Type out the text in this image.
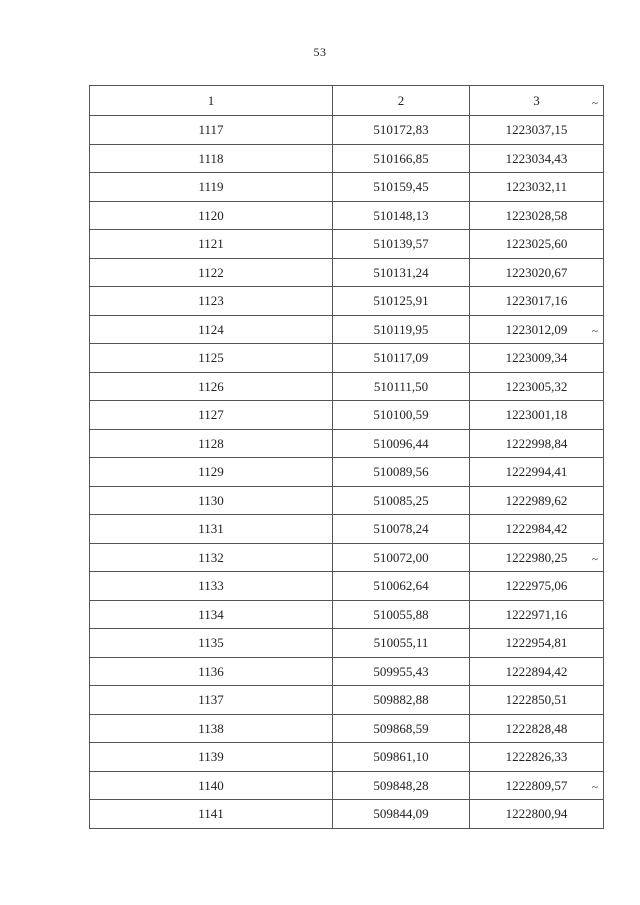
53
1	2	3 ~

1117	510172,83	1223037,15
1118	510166,85	1223034,43
1119	510159,45	1223032,11
1120	510148,13	1223028,58
1121	510139,57	1223025,60
1122	510131,24	1223020,67
1123	510125,91	1223017,16
1124	510119,95	1223012,09 ~

1125	510117,09	1223009,34
1126	510111,50	1223005,32
1127	510100,59	1223001,18
1128	510096,44	1222998,84
1129	510089,56	1222994,41
1130	510085,25	1222989,62
1131	510078,24	1222984,42
1132	510072,00	1222980,25 ~

1133	510062,64	1222975,06
1134	510055,88	1222971,16
1135	510055,11	1222954,81
1136	509955,43	1222894,42
1137	509882,88	1222850,51
1138	509868,59	1222828,48
1139	509861,10	1222826,33
1140	509848,28	1222809,57 ~

1141	509844,09	1222800,94
